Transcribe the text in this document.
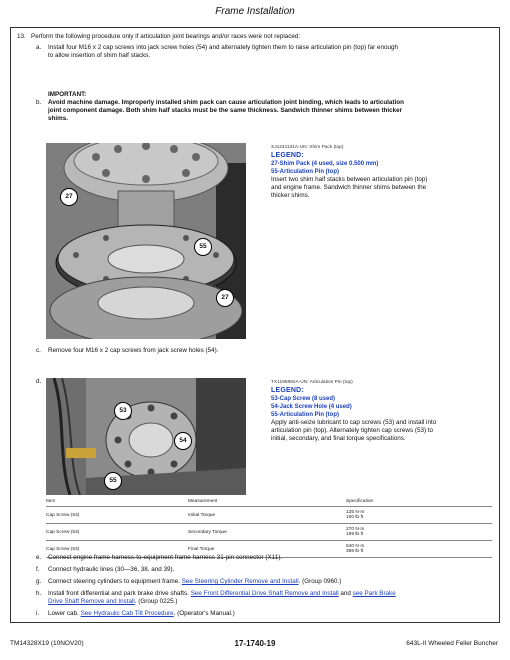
Frame Installation
13. Perform the following procedure only if articulation joint bearings and/or races were not replaced:
a. Install four M16 x 2 cap screws into jack screw holes (54) and alternately tighten them to raise articulation pin (top) far enough
to allow insertion of shim half stacks.
IMPORTANT:
b. Avoid machine damage. Improperly installed shim pack can cause articulation joint binding, which leads to articulation
joint component damage. Both shim half stacks must be the same thickness. Sandwich thinner shims between thicker
shims.
27
55
27
XJ1241131A-UN: Shim Pack (top)
LEGEND:
27-Shim Pack (4 used, size 0.500 mm)
55-Articulation Pin (top)
Insert two shim half stacks between articulation pin (top)
and engine frame. Sandwich thinner shims between the
thicker shims.
c. Remove four M16 x 2 cap screws from jack screw holes (54).
d.
53
54
55
TX1196892A-UN: Articulation Pin (top)
LEGEND:
53-Cap Screw (8 used)
54-Jack Screw Hole (4 used)
55-Articulation Pin (top)
Apply anti-seize lubricant to cap screws (53) and install into
articulation pin (top). Alternately tighten cap screws (53) to
initial, secondary, and final torque specifications.
Item	Measurement	Specification
Cap Screw (53)	Initial Torque	135 N·m
100 lb·ft

Cap Screw (53)	Secondary Torque	270 N·m
199 lb·ft

Cap Screw (53)	Final Torque	540 N·m
398 lb·ft
e. Connect engine frame harness-to-equipment frame harness 31-pin connector (X11).
f. Connect hydraulic lines (30—36, 38, and 39).
g. Connect steering cylinders to equipment frame. See Steering Cylinder Remove and Install. (Group 0960.)
h. Install front differential and park brake drive shafts. See Front Differential Drive Shaft Remove and Install and see Park Brake
Drive Shaft Remove and Install. (Group 0225.)
i. Lower cab. See Hydraulic Cab Tilt Procedure. (Operator's Manual.)
TM14328X19 (10NOV20)	17-1740-19	643L-II Wheeled Feller Buncher
